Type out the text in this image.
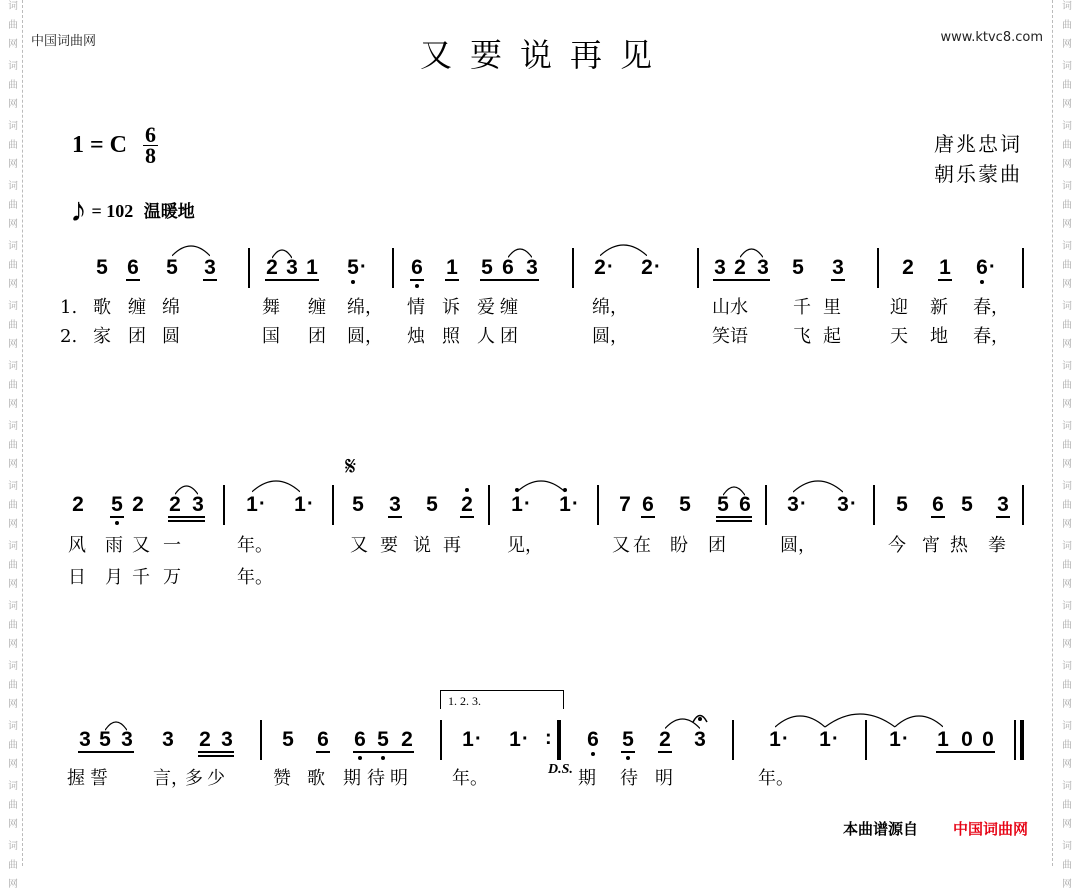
词
曲
网
词
曲
网
词
曲
网
词
曲
网
词
曲
网
词
曲
网
词
曲
网
词
曲
网
词
曲
网
词
曲
网
词
曲
网
词
曲
网
词
曲
网
词
曲
网
词
曲
网
词
曲
网
词
曲
网
词
曲
网
词
曲
网
词
曲
网
词
曲
网
词
曲
网
词
曲
网
词
曲
网
词
曲
网
词
曲
网
词
曲
网
词
曲
网
词
曲
网
词
曲
网
中国词曲网	www.ktvc8.com
又要说再见
唐兆忠词
朝乐蒙曲
1 = C $\frac{6}{8}$
♪ = 102 温暖地
5 6 5 3 2 3 1 5 · 6 1 5 6 3	2 · 2 ·	3 2 3 5 3	2 1 6 ·
1. 歌 缠 绵	舞 缠 绵， 情 诉 爱 缠	绵，	山 水	千 里	迎 新 春，
2. 家 团 圆	国 团 圆， 烛 照 人 团	圆，	笑 语	飞 起	天 地 春，
2 5 2 2 3 1 · 1 · 5 3 5 2 1 · 1 · 7 6 5 5 6 3 · 3 · 5 6 5 3
风 雨 又 一	年。	又 要 说 再	见，	又 在 盼 团	圆，	今 宵 热 拳
日 月 千 万	年。
3 5 3 3 2 3 5 6 6 5 2 1 · 1 ·	6 5 2 3	1 · 1 · 1 · 1 0 0
握 誓	言，
多 少	赞 歌 期 待 明 年。	期 待 明	年。
1. 2. 3.
𝄋
D.S.
:
本曲谱源自 中国词曲网
